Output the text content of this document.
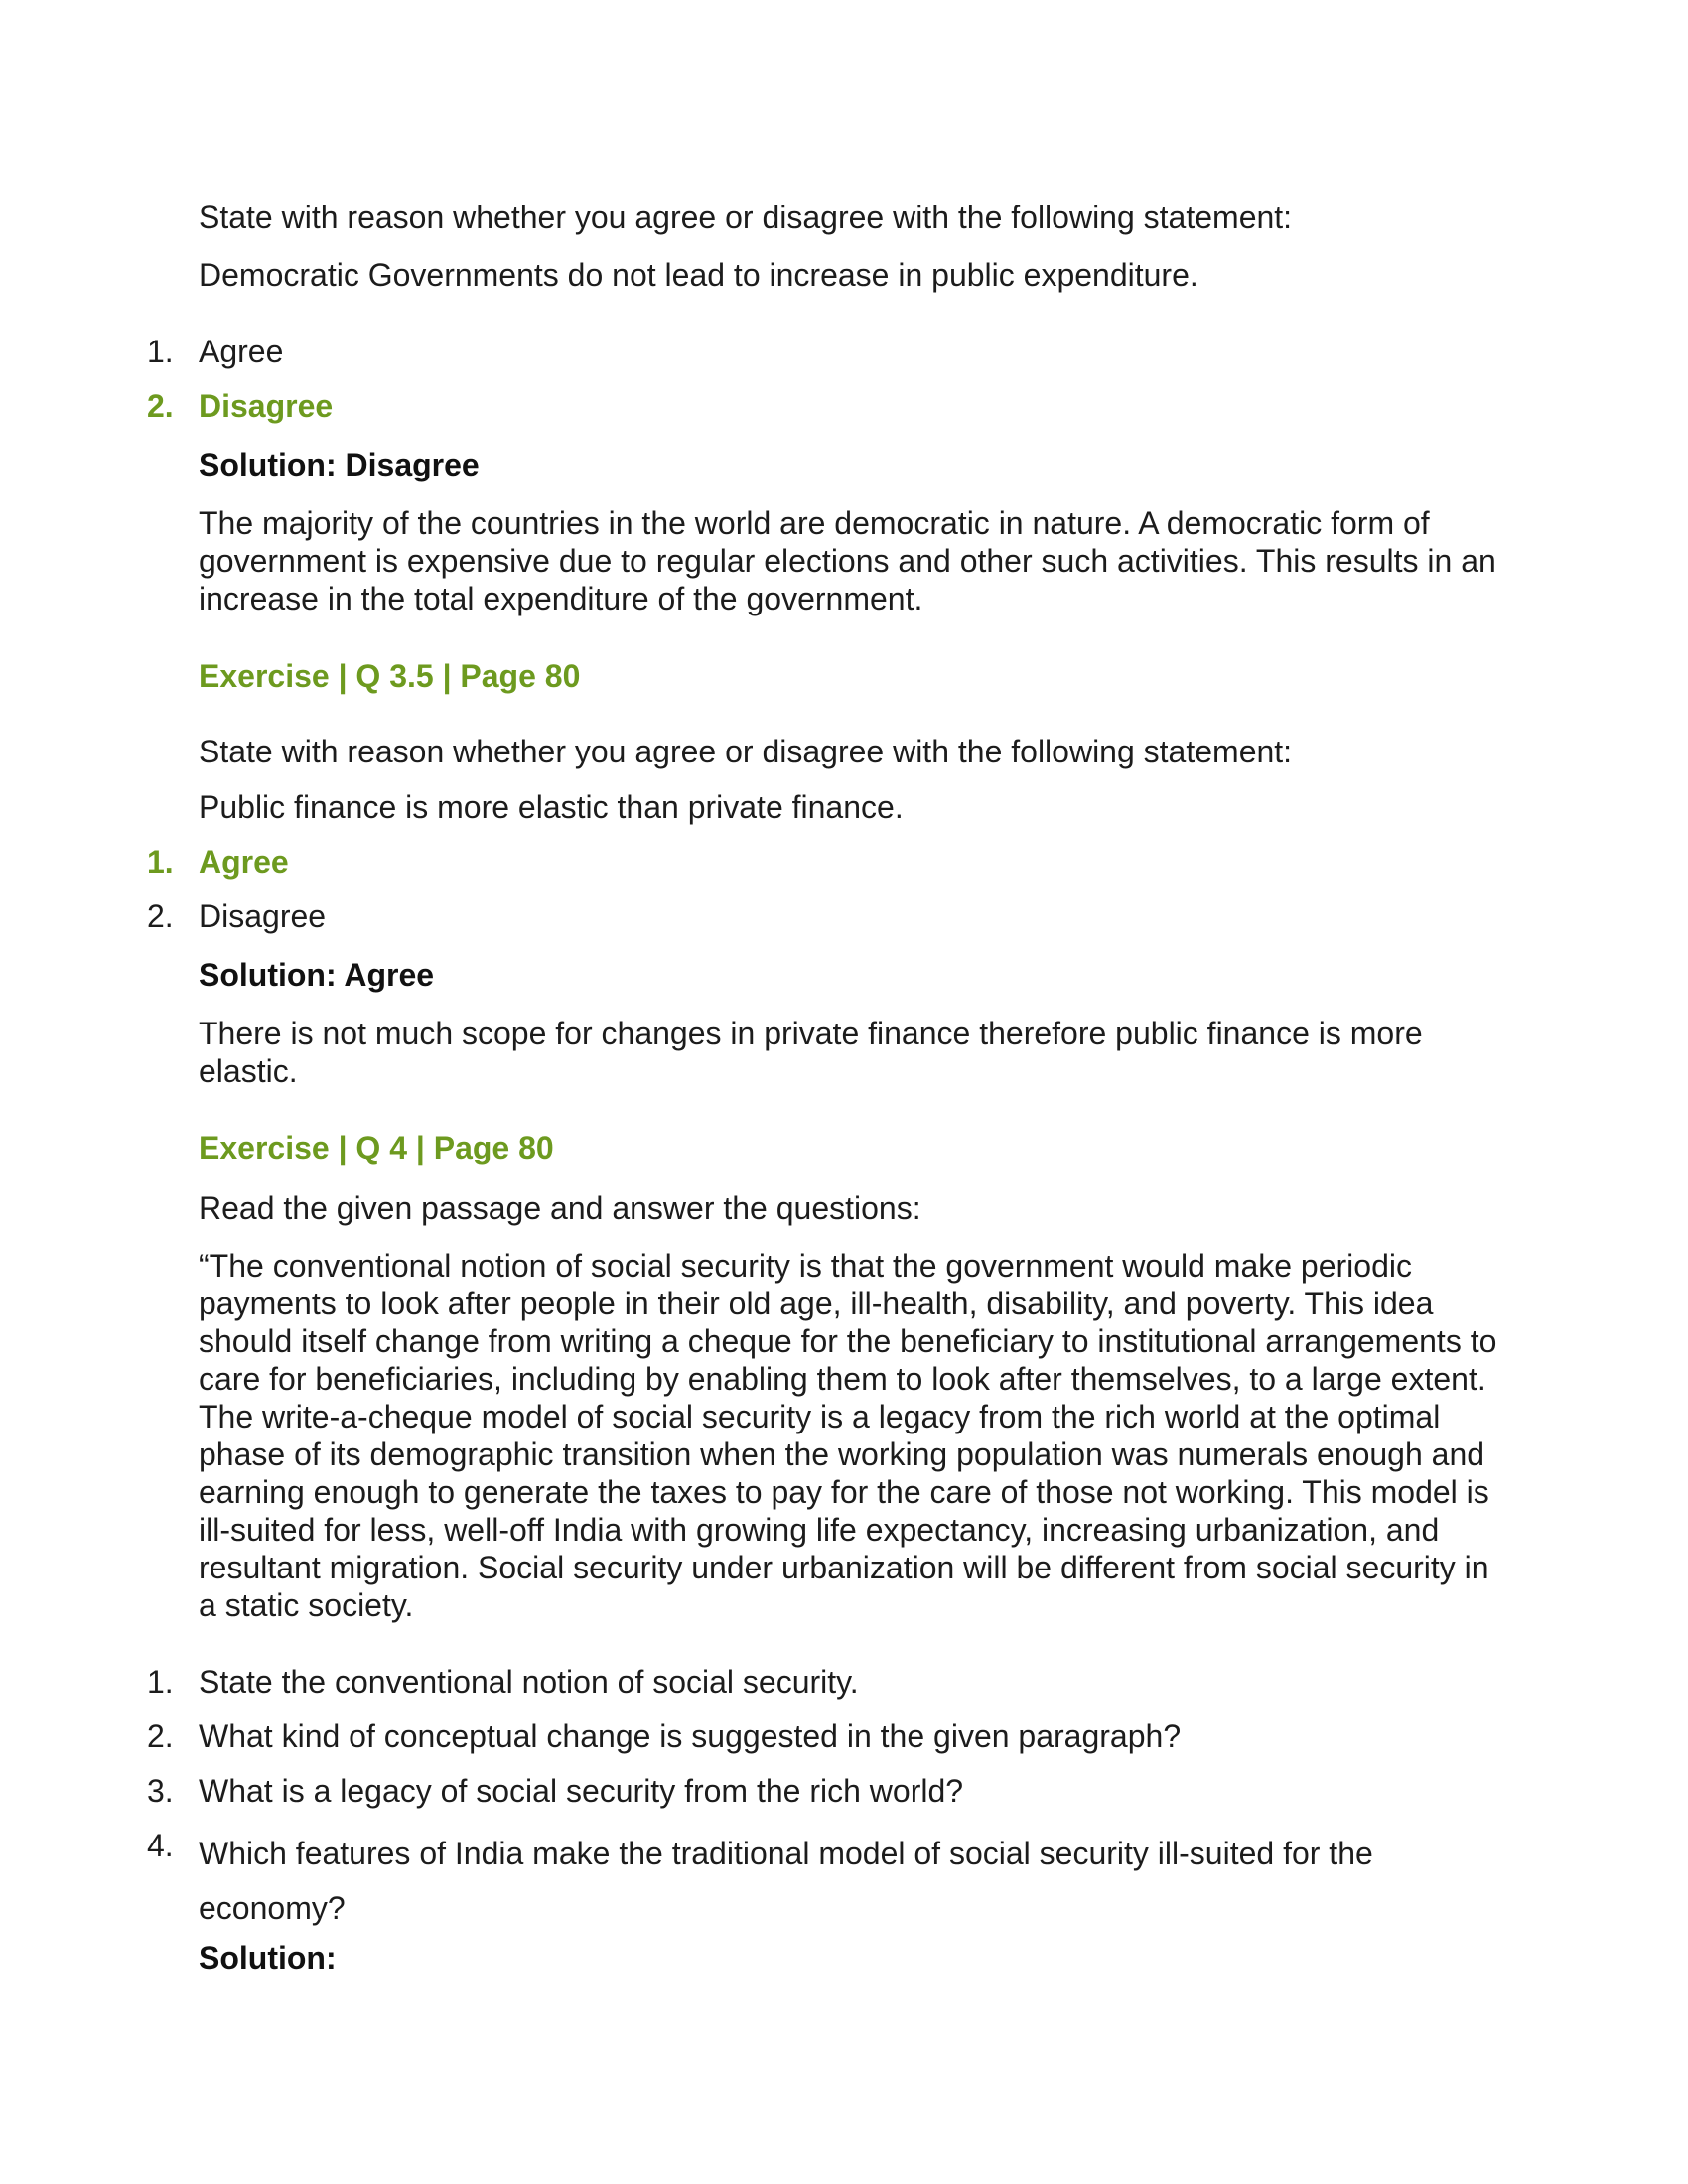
State with reason whether you agree or disagree with the following statement:
Democratic Governments do not lead to increase in public expenditure.
1. Agree
2. Disagree
Solution: Disagree
The majority of the countries in the world are democratic in nature. A democratic form of government is expensive due to regular elections and other such activities. This results in an increase in the total expenditure of the government.
Exercise | Q 3.5 | Page 80
State with reason whether you agree or disagree with the following statement:
Public finance is more elastic than private finance.
1. Agree
2. Disagree
Solution: Agree
There is not much scope for changes in private finance therefore public finance is more elastic.
Exercise | Q 4 | Page 80
Read the given passage and answer the questions:
“The conventional notion of social security is that the government would make periodic payments to look after people in their old age, ill-health, disability, and poverty. This idea should itself change from writing a cheque for the beneficiary to institutional arrangements to care for beneficiaries, including by enabling them to look after themselves, to a large extent. The write-a-cheque model of social security is a legacy from the rich world at the optimal phase of its demographic transition when the working population was numerals enough and earning enough to generate the taxes to pay for the care of those not working. This model is ill-suited for less, well-off India with growing life expectancy, increasing urbanization, and resultant migration. Social security under urbanization will be different from social security in a static society.
1. State the conventional notion of social security.
2. What kind of conceptual change is suggested in the given paragraph?
3. What is a legacy of social security from the rich world?
4. Which features of India make the traditional model of social security ill-suited for the economy?
Solution:
